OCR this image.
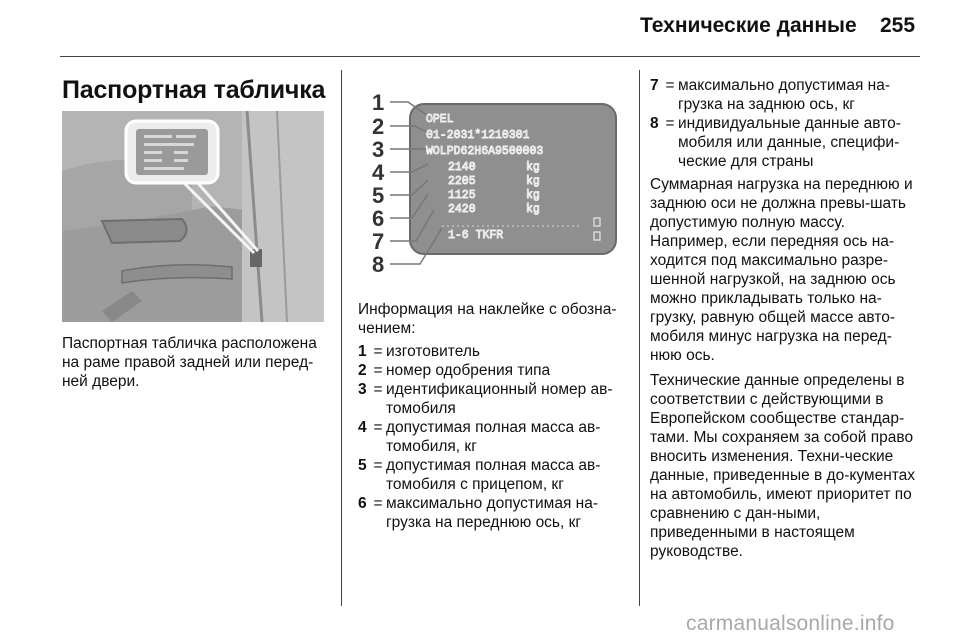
Технические данные 255
Паспортная табличка
Паспортная табличка расположена на раме правой задней или перед-ней двери.
1
2
3
4
5
6
7
8
OPEL
01-2031*1210301
WOLPD62H6A9500003
2140
2205
1125
2420
kg
kg
kg
kg
1-6 TKFR
Информация на наклейке с обозна-чением:
1 = изготовитель
2 = номер одобрения типа
3 = идентификационный номер ав-томобиля
4 = допустимая полная масса ав-томобиля, кг
5 = допустимая полная масса ав-томобиля с прицепом, кг
6 = максимально допустимая на-грузка на переднюю ось, кг
7 = максимально допустимая на-грузка на заднюю ось, кг
8 = индивидуальные данные авто-мобиля или данные, специфи-ческие для страны

Суммарная нагрузка на переднюю и заднюю оси не должна превы-шать допустимую полную массу. Например, если передняя ось на-ходится под максимально разре-шенной нагрузкой, на заднюю ось можно прикладывать только на-грузку, равную общей массе авто-мобиля минус нагрузка на перед-нюю ось.

Технические данные определены в соответствии с действующими в Европейском сообществе стандар-тами. Мы сохраняем за собой право вносить изменения. Техни-ческие данные, приведенные в до-кументах на автомобиль, имеют приоритет по сравнению с дан-ными, приведенными в настоящем руководстве.

carmanualsonline.info
